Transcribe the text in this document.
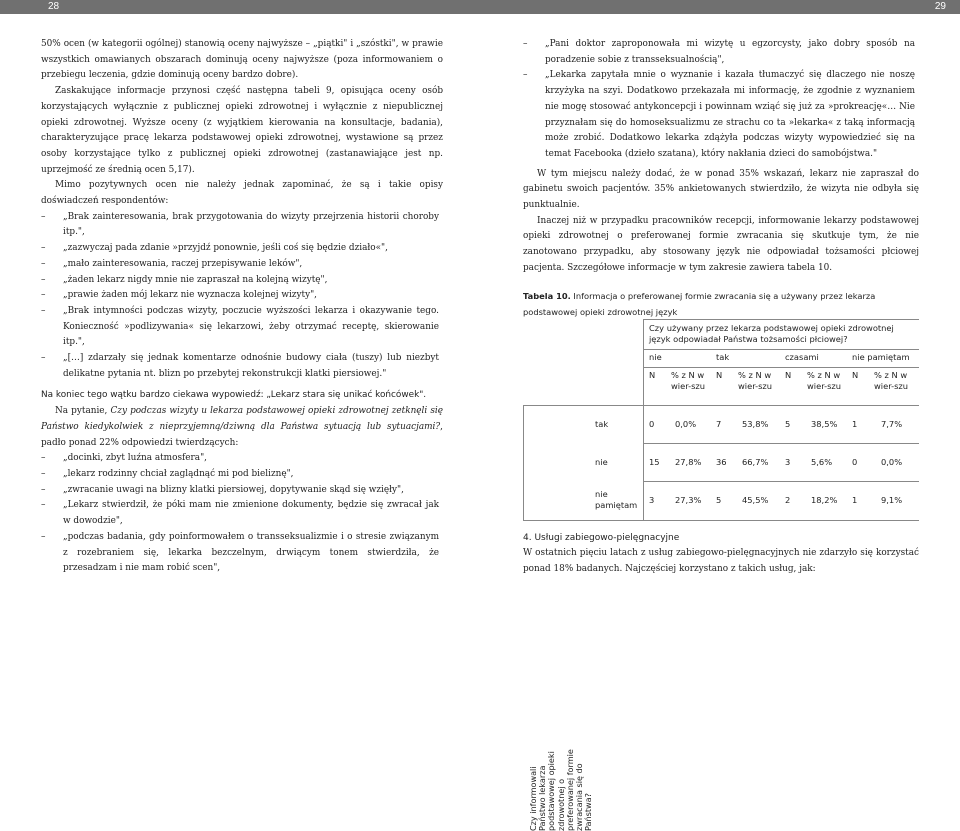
28	29

50% ocen (w kategorii ogólnej) stanowią oceny najwyższe – „piątki" i „szóstki", w prawie wszystkich omawianych obszarach dominują oceny najwyższe (poza informowaniem o przebiegu leczenia, gdzie dominują oceny bardzo dobre).

Zaskakujące informacje przynosi część następna tabeli 9, opisująca oceny osób korzystających wyłącznie z publicznej opieki zdrowotnej i wyłącznie z niepublicznej opieki zdrowotnej. Wyższe oceny (z wyjątkiem kierowania na konsultacje, badania), charakteryzujące pracę lekarza podstawowej opieki zdrowotnej, wystawione są przez osoby korzystające tylko z publicznej opieki zdrowotnej (zastanawiające jest np. uprzejmość ze średnią ocen 5,17).

Mimo pozytywnych ocen nie należy jednak zapominać, że są i takie opisy doświadczeń respondentów:

– „Brak zainteresowania, brak przygotowania do wizyty przejrzenia historii choroby itp.",
– „zazwyczaj pada zdanie »przyjdź ponownie, jeśli coś się będzie działo«",
– „mało zainteresowania, raczej przepisywanie leków",
– „żaden lekarz nigdy mnie nie zapraszał na kolejną wizytę",
– „prawie żaden mój lekarz nie wyznacza kolejnej wizyty",
– „Brak intymności podczas wizyty, poczucie wyższości lekarza i okazywanie tego. Konieczność »podlizywania« się lekarzowi, żeby otrzymać receptę, skierowanie itp.",
– „[…] zdarzały się jednak komentarze odnośnie budowy ciała (tuszy) lub niezbyt delikatne pytania nt. blizn po przebytej rekonstrukcji klatki piersiowej."

Na koniec tego wątku bardzo ciekawa wypowiedź: „Lekarz stara się unikać końcówek".

Na pytanie, Czy podczas wizyty u lekarza podstawowej opieki zdrowotnej zetknęli się Państwo kiedykolwiek z nieprzyjemną/dziwną dla Państwa sytuacją lub sytuacjami?, padło ponad 22% odpowiedzi twierdzących:

– „docinki, zbyt luźna atmosfera",
– „lekarz rodzinny chciał zaglądnąć mi pod bieliznę",
– „zwracanie uwagi na blizny klatki piersiowej, dopytywanie skąd się wzięły",
– „Lekarz stwierdził, że póki mam nie zmienione dokumenty, będzie się zwracał jak w dowodzie",
– „podczas badania, gdy poinformowałem o transseksualizmie i o stresie związanym z rozebraniem się, lekarka bezczelnym, drwiącym tonem stwierdziła, że przesadzam i nie mam robić scen",
– „Pani doktor zaproponowała mi wizytę u egzorcysty, jako dobry sposób na poradzenie sobie z transseksualnością",
– „Lekarka zapytała mnie o wyznanie i kazała tłumaczyć się dlaczego nie noszę krzyżyka na szyi. Dodatkowo przekazała mi informację, że zgodnie z wyznaniem nie mogę stosować antykoncepcji i powinnam wziąć się już za »prokreację«… Nie przyznałam się do homoseksualizmu ze strachu co ta »lekarka« z taką informacją może zrobić. Dodatkowo lekarka zdążyła podczas wizyty wypowiedzieć się na temat Facebooka (dzieło szatana), który nakłania dzieci do samobójstwa."

W tym miejscu należy dodać, że w ponad 35% wskazań, lekarz nie zapraszał do gabinetu swoich pacjentów. 35% ankietowanych stwierdziło, że wizyta nie odbyła się punktualnie.

Inaczej niż w przypadku pracowników recepcji, informowanie lekarzy podstawowej opieki zdrowotnej o preferowanej formie zwracania się skutkuje tym, że nie zanotowano przypadku, aby stosowany język nie odpowiadał tożsamości płciowej pacjenta. Szczegółowe informacje w tym zakresie zawiera tabela 10.

Tabela 10. Informacja o preferowanej formie zwracania się a używany przez lekarza podstawowej opieki zdrowotnej język
Czy używany przez lekarza podstawowej opieki zdrowotnej język odpowiadał Państwa tożsamości płciowej?
nie	tak	czasami	nie pamiętam
N % z N w wier-szu
N % z N w wier-szu
N % z N w wier-szu
N % z N w wier-szu
Czy informowali Państwo lekarza podstawowej opieki zdrowotnej o preferowanej formie zwracania się do Państwa?
tak	0 0,0% 7 53,8% 5 38,5% 1	7,7%
nie	15 27,8% 36 66,7% 3 5,6% 0	0,0%
nie pamiętam	3 27,3% 5 45,5% 2 18,2% 1	9,1%
4. Usługi zabiegowo-pielęgnacyjne

W ostatnich pięciu latach z usług zabiegowo-pielęgnacyjnych nie zdarzyło się korzystać ponad 18% badanych. Najczęściej korzystano z takich usług, jak:
